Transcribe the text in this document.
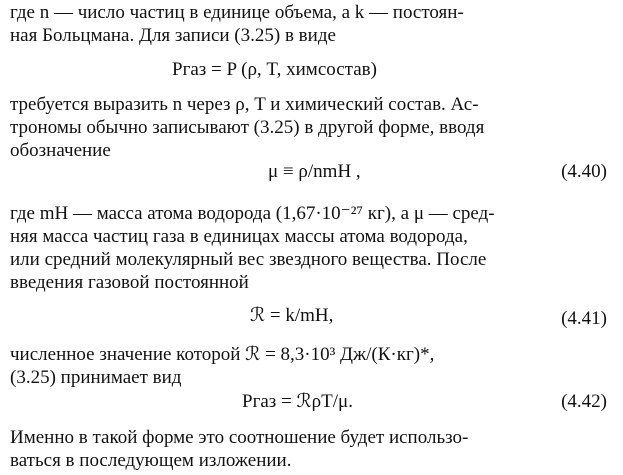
где n — число частиц в единице объема, а k — постоян-
ная Больцмана. Для записи (3.25) в виде
Pгаз = P (ρ, T, химсостав)
требуется выразить n через ρ, T и химический состав. Ас-
трономы обычно записывают (3.25) в другой форме, вводя
обозначение
μ ≡ ρ/nmH ,	(4.40)
где mH — масса атома водорода (1,67·10⁻²⁷ кг), а μ — сред-
няя масса частиц газа в единицах массы атома водорода,
или средний молекулярный вес звездного вещества. После
введения газовой постоянной
ℛ = k/mH,	(4.41)
численное значение которой ℛ = 8,3·10³ Дж/(К·кг)*,
(3.25) принимает вид
Pгаз = ℛρT/μ.	(4.42)
Именно в такой форме это соотношение будет использо-
ваться в последующем изложении.
